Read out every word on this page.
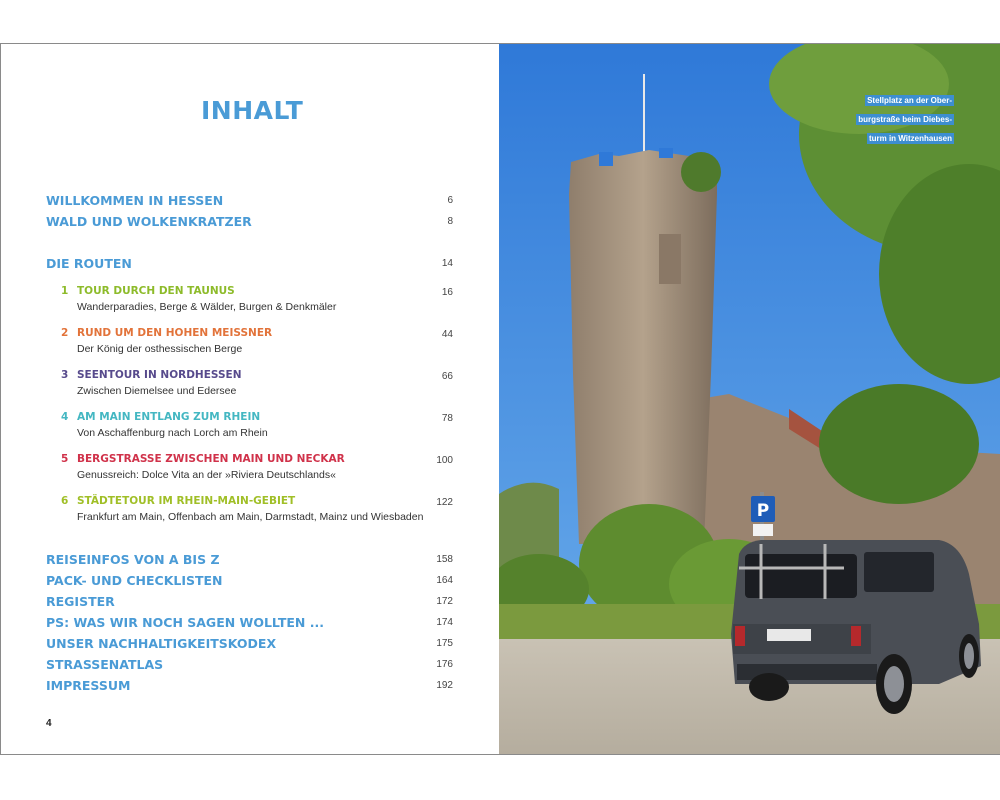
INHALT
WILLKOMMEN IN HESSEN	6
WALD UND WOLKENKRATZER	8
DIE ROUTEN	14
1 TOUR DURCH DEN TAUNUS	16
Wanderparadies, Berge & Wälder, Burgen & Denkmäler
2 RUND UM DEN HOHEN MEISSNER	44
Der König der osthessischen Berge
3 SEENTOUR IN NORDHESSEN	66
Zwischen Diemelsee und Edersee
4 AM MAIN ENTLANG ZUM RHEIN	78
Von Aschaffenburg nach Lorch am Rhein
5 BERGSTRASSE ZWISCHEN MAIN UND NECKAR	100
Genussreich: Dolce Vita an der »Riviera Deutschlands«
6 STÄDTETOUR IM RHEIN-MAIN-GEBIET	122
Frankfurt am Main, Offenbach am Main, Darmstadt, Mainz und Wiesbaden
REISEINFOS VON A BIS Z	158
PACK- UND CHECKLISTEN	164
REGISTER	172
PS: WAS WIR NOCH SAGEN WOLLTEN ...	174
UNSER NACHHALTIGKEITSKODEX	175
STRASSENATLAS	176
IMPRESSUM	192
4
P
Stellplatz an der Ober-
burgstraße beim Diebes-
turm in Witzenhausen
